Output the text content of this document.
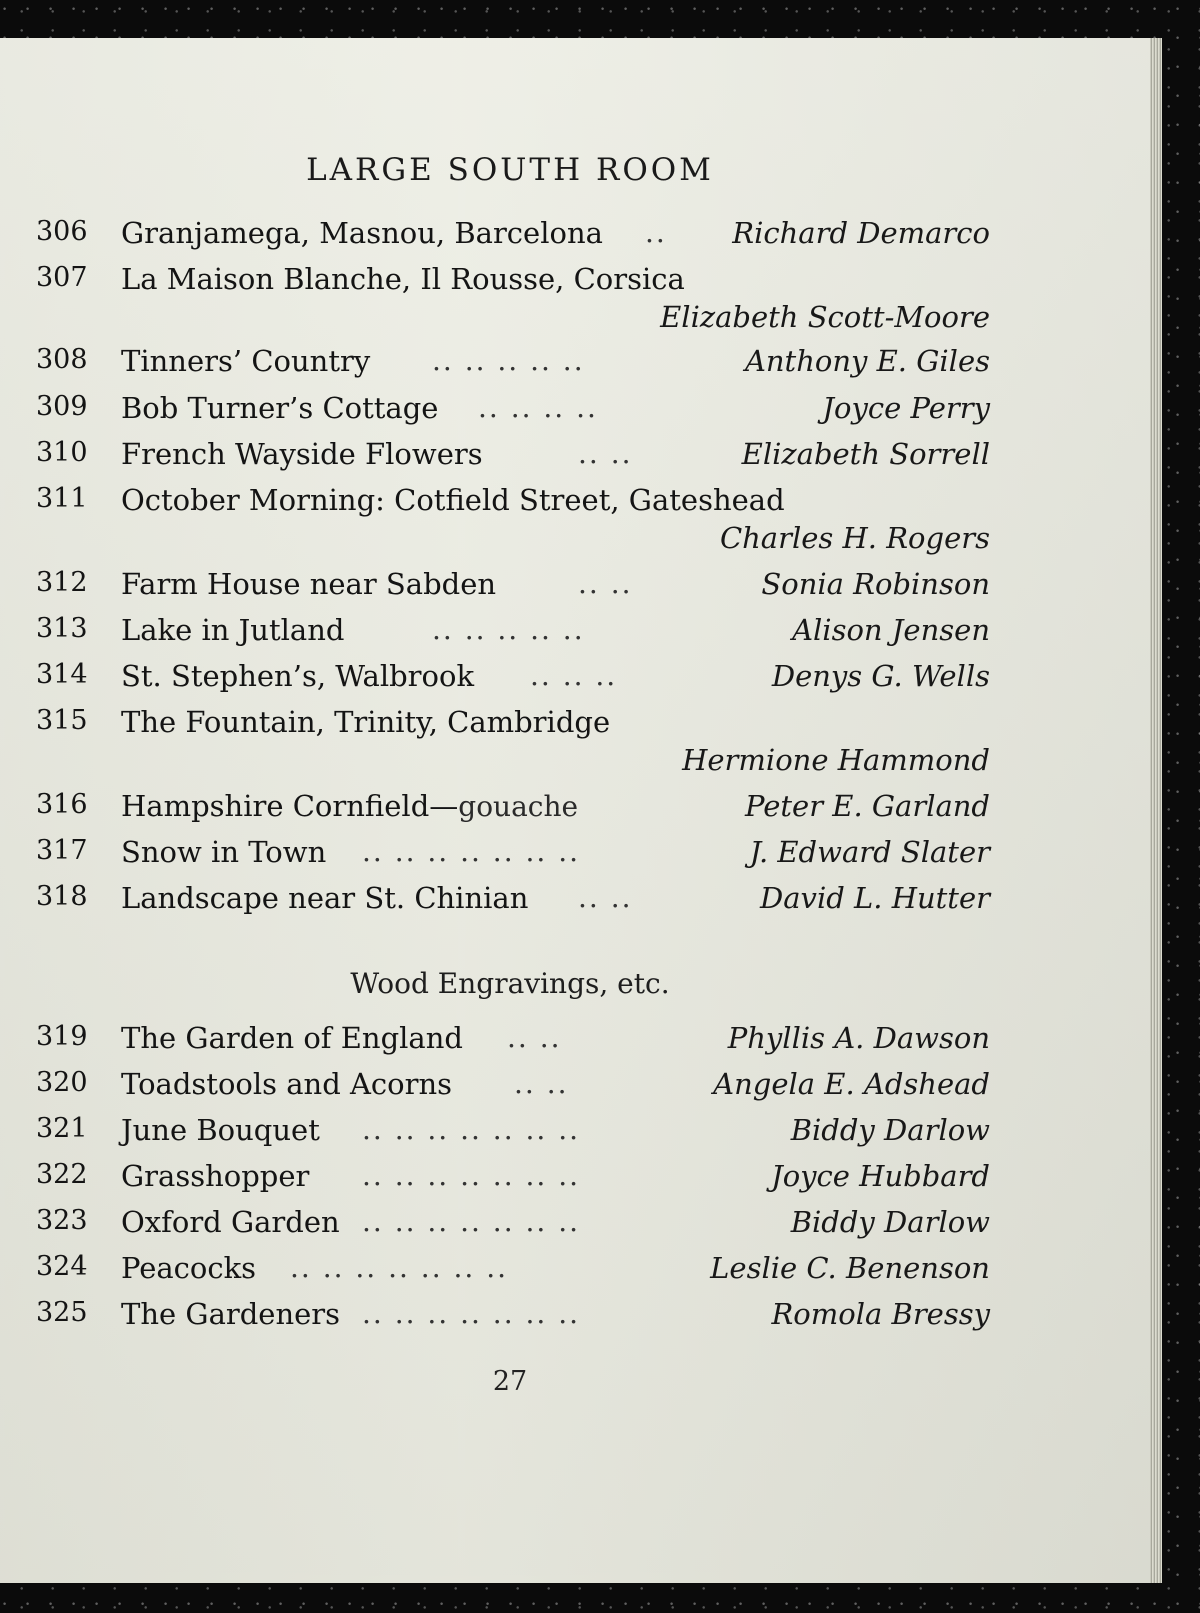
LARGE SOUTH ROOM
306 Granjamega, Masnou, Barcelona .. Richard Demarco
307 La Maison Blanche, Il Rousse, Corsica
Elizabeth Scott-Moore
308 Tinners’ Country .. .. .. .. ..	Anthony E. Giles
309 Bob Turner’s Cottage .. .. .. ..	Joyce Perry
310 French Wayside Flowers	.. ..	Elizabeth Sorrell
311 October Morning: Cotfield Street, Gateshead
Charles H. Rogers
312 Farm House near Sabden	.. ..	Sonia Robinson
313 Lake in Jutland	.. .. .. .. ..	Alison Jensen
314 St. Stephen’s, Walbrook .. .. ..	Denys G. Wells
315 The Fountain, Trinity, Cambridge
Hermione Hammond
316 Hampshire Cornfield—gouache	Peter E. Garland
317 Snow in Town .. .. .. .. .. .. ..	J. Edward Slater
318 Landscape near St. Chinian .. ..	David L. Hutter
Wood Engravings, etc.
319 The Garden of England .. ..	Phyllis A. Dawson
320 Toadstools and Acorns .. ..	Angela E. Adshead
321 June Bouquet .. .. .. .. .. .. ..	Biddy Darlow
322 Grasshopper .. .. .. .. .. .. ..	Joyce Hubbard
323 Oxford Garden .. .. .. .. .. .. ..	Biddy Darlow
324 Peacocks .. .. .. .. .. .. ..	Leslie C. Benenson
325 The Gardeners .. .. .. .. .. .. ..	Romola Bressy
27
